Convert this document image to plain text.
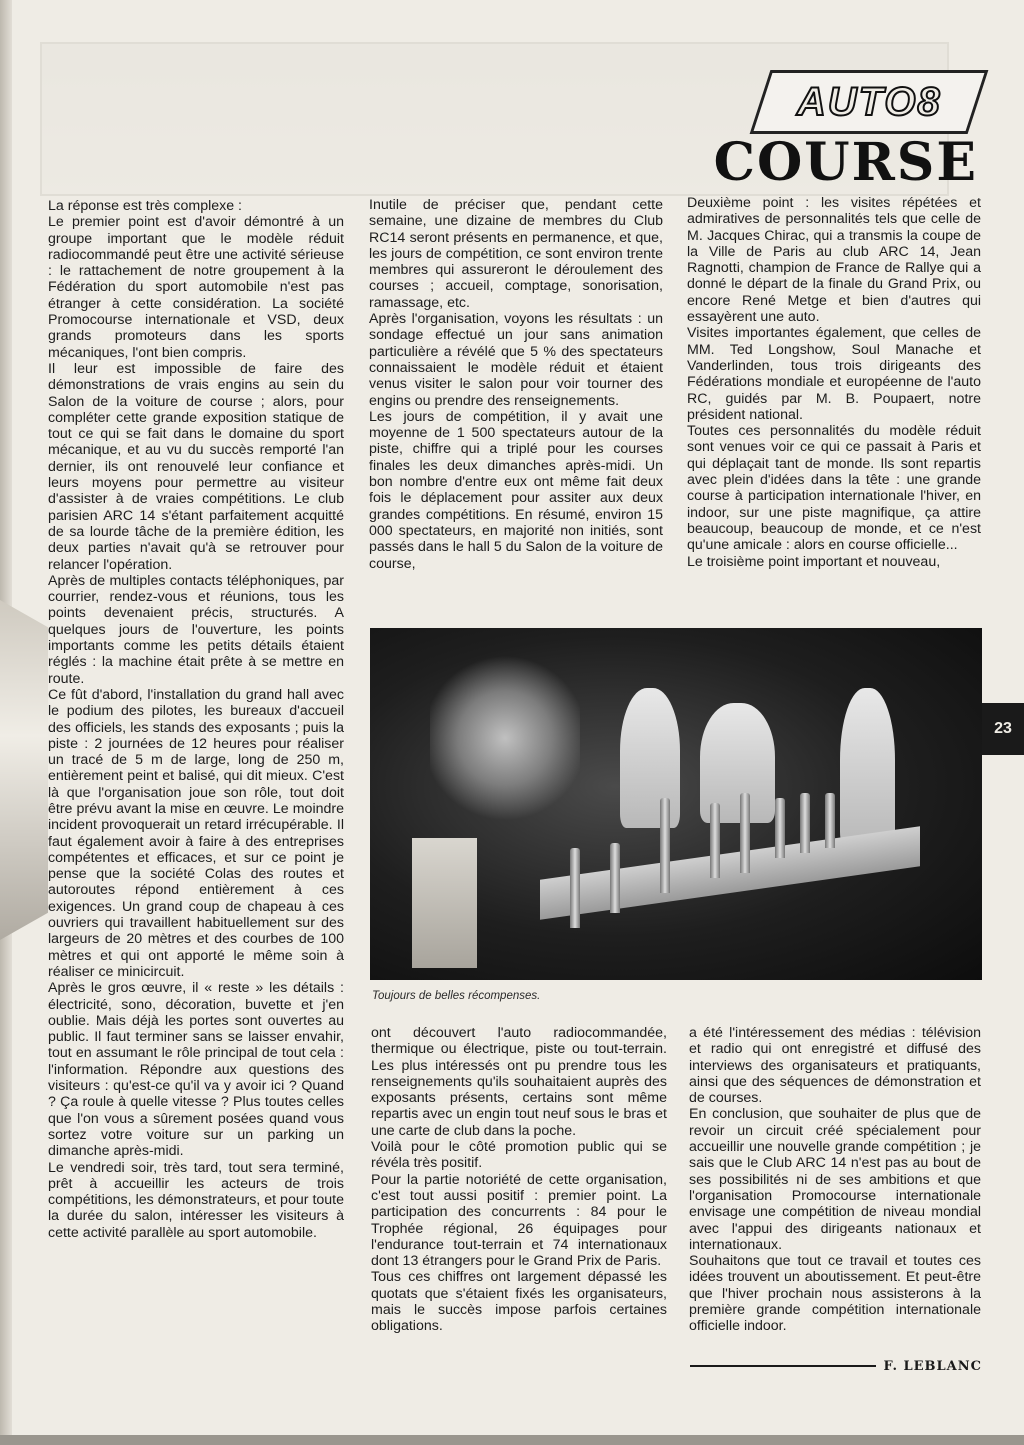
AUTO8
COURSE

La réponse est très complexe :

Le premier point est d'avoir démontré à un groupe important que le modèle réduit radiocommandé peut être une activité sérieuse : le rattachement de notre groupement à la Fédération du sport automobile n'est pas étranger à cette considération. La société Promocourse internationale et VSD, deux grands promoteurs dans les sports mécaniques, l'ont bien compris.

Il leur est impossible de faire des démonstrations de vrais engins au sein du Salon de la voiture de course ; alors, pour compléter cette grande exposition statique de tout ce qui se fait dans le domaine du sport mécanique, et au vu du succès remporté l'an dernier, ils ont renouvelé leur confiance et leurs moyens pour permettre au visiteur d'assister à de vraies compétitions. Le club parisien ARC 14 s'étant parfaitement acquitté de sa lourde tâche de la première édition, les deux parties n'avait qu'à se retrouver pour relancer l'opération.

Après de multiples contacts téléphoniques, par courrier, rendez-vous et réunions, tous les points devenaient précis, structurés. A quelques jours de l'ouverture, les points importants comme les petits détails étaient réglés : la machine était prête à se mettre en route.

Ce fût d'abord, l'installation du grand hall avec le podium des pilotes, les bureaux d'accueil des officiels, les stands des exposants ; puis la piste : 2 journées de 12 heures pour réaliser un tracé de 5 m de large, long de 250 m, entièrement peint et balisé, qui dit mieux. C'est là que l'organisation joue son rôle, tout doit être prévu avant la mise en œuvre. Le moindre incident provoquerait un retard irrécupérable. Il faut également avoir à faire à des entreprises compétentes et efficaces, et sur ce point je pense que la société Colas des routes et autoroutes répond entièrement à ces exigences. Un grand coup de chapeau à ces ouvriers qui travaillent habituellement sur des largeurs de 20 mètres et des courbes de 100 mètres et qui ont apporté le même soin à réaliser ce minicircuit.

Après le gros œuvre, il « reste » les détails : électricité, sono, décoration, buvette et j'en oublie. Mais déjà les portes sont ouvertes au public. Il faut terminer sans se laisser envahir, tout en assumant le rôle principal de tout cela : l'information. Répondre aux questions des visiteurs : qu'est-ce qu'il va y avoir ici ? Quand ? Ça roule à quelle vitesse ? Plus toutes celles que l'on vous a sûrement posées quand vous sortez votre voiture sur un parking un dimanche après-midi.

Le vendredi soir, très tard, tout sera terminé, prêt à accueillir les acteurs de trois compétitions, les démonstrateurs, et pour toute la durée du salon, intéresser les visiteurs à cette activité parallèle au sport automobile.

Inutile de préciser que, pendant cette semaine, une dizaine de membres du Club RC14 seront présents en permanence, et que, les jours de compétition, ce sont environ trente membres qui assureront le déroulement des courses ; accueil, comptage, sonorisation, ramassage, etc.

Après l'organisation, voyons les résultats : un sondage effectué un jour sans animation particulière a révélé que 5 % des spectateurs connaissaient le modèle réduit et étaient venus visiter le salon pour voir tourner des engins ou prendre des renseignements.

Les jours de compétition, il y avait une moyenne de 1 500 spectateurs autour de la piste, chiffre qui a triplé pour les courses finales les deux dimanches après-midi. Un bon nombre d'entre eux ont même fait deux fois le déplacement pour assiter aux deux grandes compétitions. En résumé, environ 15 000 spectateurs, en majorité non initiés, sont passés dans le hall 5 du Salon de la voiture de course,

Deuxième point : les visites répétées et admiratives de personnalités tels que celle de M. Jacques Chirac, qui a transmis la coupe de la Ville de Paris au club ARC 14, Jean Ragnotti, champion de France de Rallye qui a donné le départ de la finale du Grand Prix, ou encore René Metge et bien d'autres qui essayèrent une auto.

Visites importantes également, que celles de MM. Ted Longshow, Soul Manache et Vanderlinden, tous trois dirigeants des Fédérations mondiale et européenne de l'auto RC, guidés par M. B. Poupaert, notre président national.

Toutes ces personnalités du modèle réduit sont venues voir ce qui ce passait à Paris et qui déplaçait tant de monde. Ils sont repartis avec plein d'idées dans la tête : une grande course à participation internationale l'hiver, en indoor, sur une piste magnifique, ça attire beaucoup, beaucoup de monde, et ce n'est qu'une amicale : alors en course officielle...

Le troisième point important et nouveau,

Toujours de belles récompenses.
23

ont découvert l'auto radiocommandée, thermique ou électrique, piste ou tout-terrain. Les plus intéressés ont pu prendre tous les renseignements qu'ils souhaitaient auprès des exposants présents, certains sont même repartis avec un engin tout neuf sous le bras et une carte de club dans la poche.

Voilà pour le côté promotion public qui se révéla très positif.

Pour la partie notoriété de cette organisation, c'est tout aussi positif : premier point. La participation des concurrents : 84 pour le Trophée régional, 26 équipages pour l'endurance tout-terrain et 74 internationaux dont 13 étrangers pour le Grand Prix de Paris.

Tous ces chiffres ont largement dépassé les quotats que s'étaient fixés les organisateurs, mais le succès impose parfois certaines obligations.

a été l'intéressement des médias : télévision et radio qui ont enregistré et diffusé des interviews des organisateurs et pratiquants, ainsi que des séquences de démonstration et de courses.

En conclusion, que souhaiter de plus que de revoir un circuit créé spécialement pour accueillir une nouvelle grande compétition ; je sais que le Club ARC 14 n'est pas au bout de ses possibilités ni de ses ambitions et que l'organisation Promocourse internationale envisage une compétition de niveau mondial avec l'appui des dirigeants nationaux et internationaux.

Souhaitons que tout ce travail et toutes ces idées trouvent un aboutissement. Et peut-être que l'hiver prochain nous assisterons à la première grande compétition internationale officielle indoor.

F. LEBLANC
